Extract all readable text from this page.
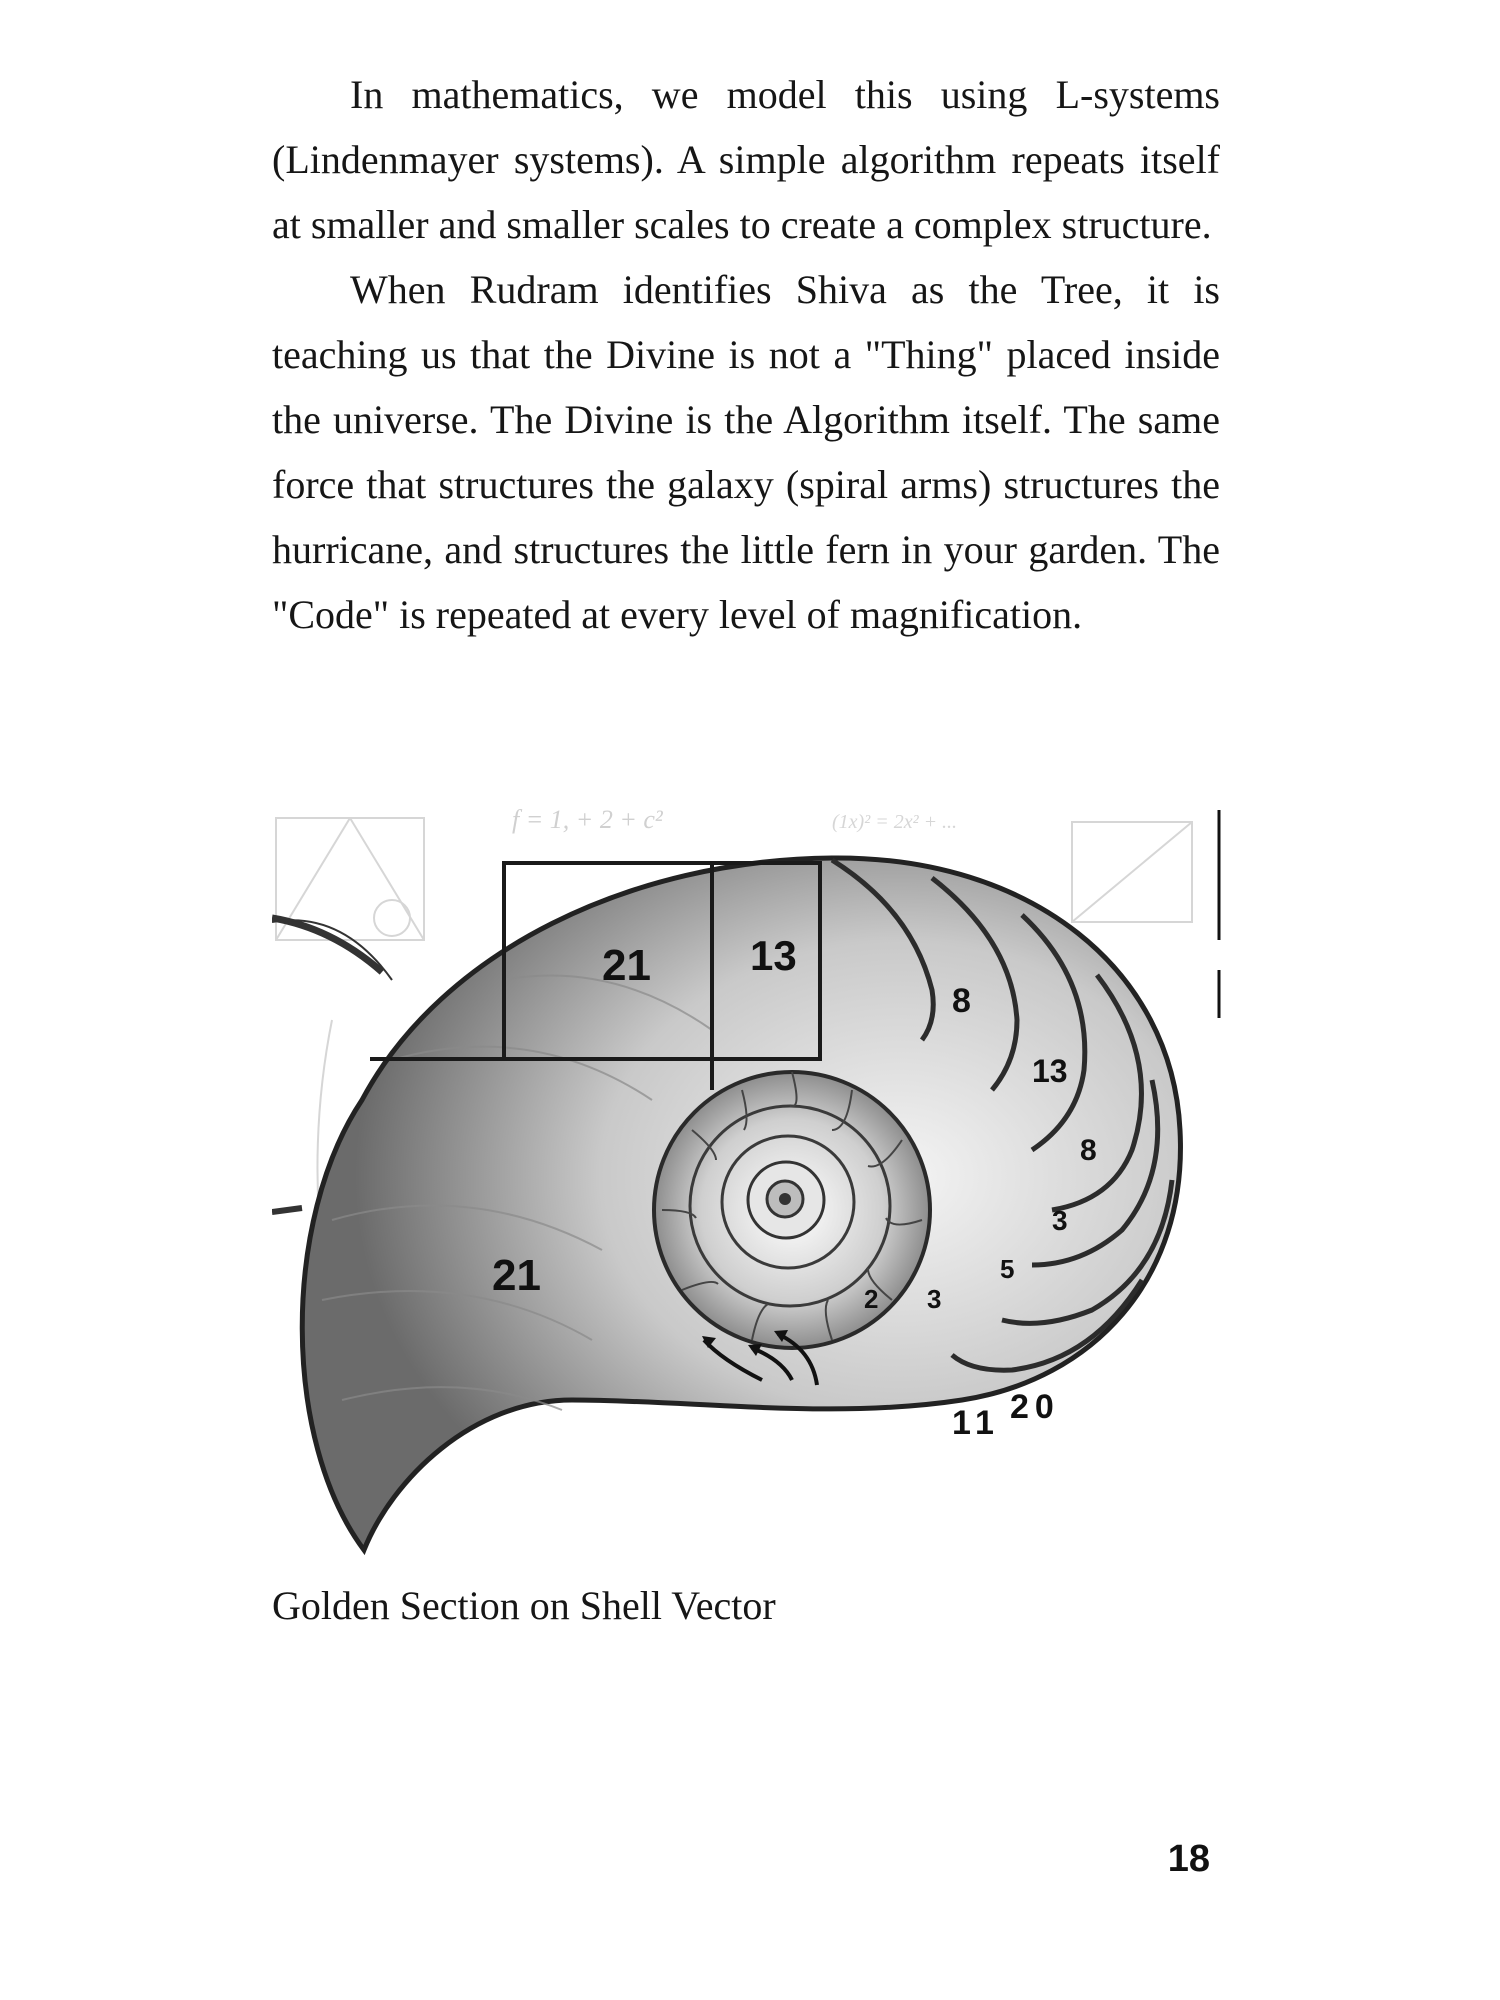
In mathematics, we model this using L-systems (Lindenmayer systems). A simple algorithm repeats itself at smaller and smaller scales to create a complex structure.

When Rudram identifies Shiva as the Tree, it is teaching us that the Divine is not a "Thing" placed inside the universe. The Divine is the Algorithm itself. The same force that structures the galaxy (spiral arms) structures the hurricane, and structures the little fern in your garden. The "Code" is repeated at every level of magnification.

f = 1, + 2 + c²	(1x)² = 2x² + ...
21 13
21
8
13
8
3
5
3
2
11 20
Golden Section on Shell Vector
18
